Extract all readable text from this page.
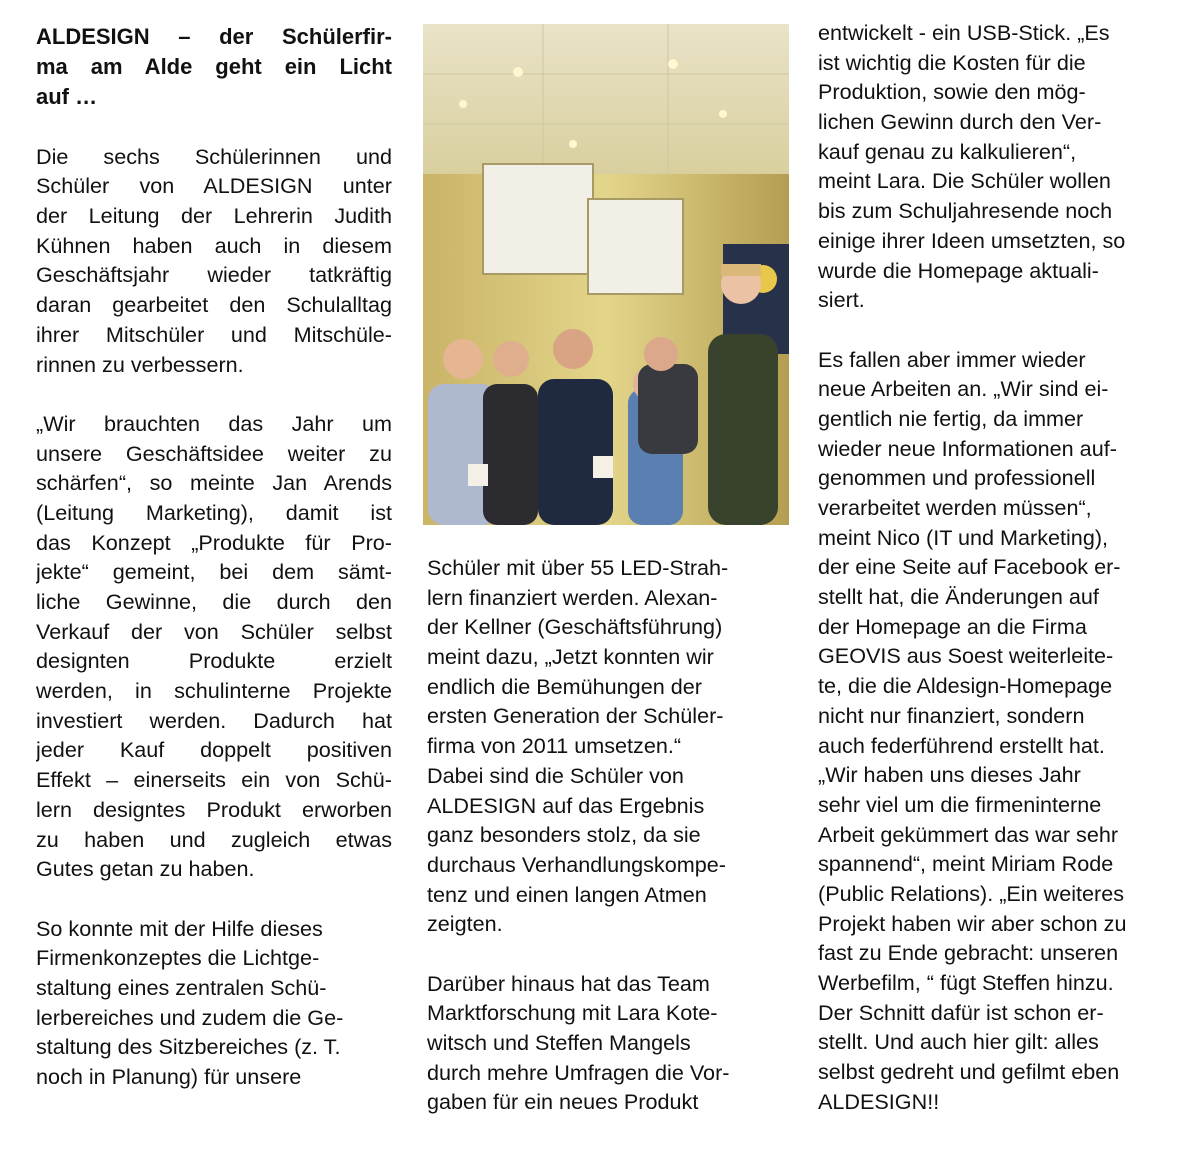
ALDESIGN – der Schülerfir-
ma am Alde geht ein Licht
auf …
Die sechs Schülerinnen und
Schüler von ALDESIGN unter
der Leitung der Lehrerin Judith
Kühnen haben auch in diesem
Geschäftsjahr wieder tatkräftig
daran gearbeitet den Schulalltag
ihrer Mitschüler und Mitschüle-
rinnen zu verbessern.
„Wir brauchten das Jahr um
unsere Geschäftsidee weiter zu
schärfen“, so meinte Jan Arends
(Leitung Marketing), damit ist
das Konzept „Produkte für Pro-
jekte“ gemeint, bei dem sämt-
liche Gewinne, die durch den
Verkauf der von Schüler selbst
designten Produkte erzielt
werden, in schulinterne Projekte
investiert werden. Dadurch hat
jeder Kauf doppelt positiven
Effekt – einerseits ein von Schü-
lern designtes Produkt erworben
zu haben und zugleich etwas
Gutes getan zu haben.
So konnte mit der Hilfe dieses
Firmenkonzeptes die Lichtge-
staltung eines zentralen Schü-
lerbereiches und zudem die Ge-
staltung des Sitzbereiches (z. T.
noch in Planung) für unsere
Schüler mit über 55 LED-Strah-
lern finanziert werden. Alexan-
der Kellner (Geschäftsführung)
meint dazu, „Jetzt konnten wir
endlich die Bemühungen der
ersten Generation der Schüler-
firma von 2011 umsetzen.“
Dabei sind die Schüler von
ALDESIGN auf das Ergebnis
ganz besonders stolz, da sie
durchaus Verhandlungskompe-
tenz und einen langen Atmen
zeigten.
Darüber hinaus hat das Team
Marktforschung mit Lara Kote-
witsch und Steffen Mangels
durch mehre Umfragen die Vor-
gaben für ein neues Produkt
entwickelt - ein USB-Stick. „Es
ist wichtig die Kosten für die
Produktion, sowie den mög-
lichen Gewinn durch den Ver-
kauf genau zu kalkulieren“,
meint Lara. Die Schüler wollen
bis zum Schuljahresende noch
einige ihrer Ideen umsetzten, so
wurde die Homepage aktuali-
siert.
Es fallen aber immer wieder
neue Arbeiten an. „Wir sind ei-
gentlich nie fertig, da immer
wieder neue Informationen auf-
genommen und professionell
verarbeitet werden müssen“,
meint Nico (IT und Marketing),
der eine Seite auf Facebook er-
stellt hat, die Änderungen auf
der Homepage an die Firma
GEOVIS aus Soest weiterleite-
te, die die Aldesign-Homepage
nicht nur finanziert, sondern
auch federführend erstellt hat.
„Wir haben uns dieses Jahr
sehr viel um die firmeninterne
Arbeit gekümmert das war sehr
spannend“, meint Miriam Rode
(Public Relations). „Ein weiteres
Projekt haben wir aber schon zu
fast zu Ende gebracht: unseren
Werbefilm, “ fügt Steffen hinzu.
Der Schnitt dafür ist schon er-
stellt. Und auch hier gilt: alles
selbst gedreht und gefilmt eben
ALDESIGN!!
